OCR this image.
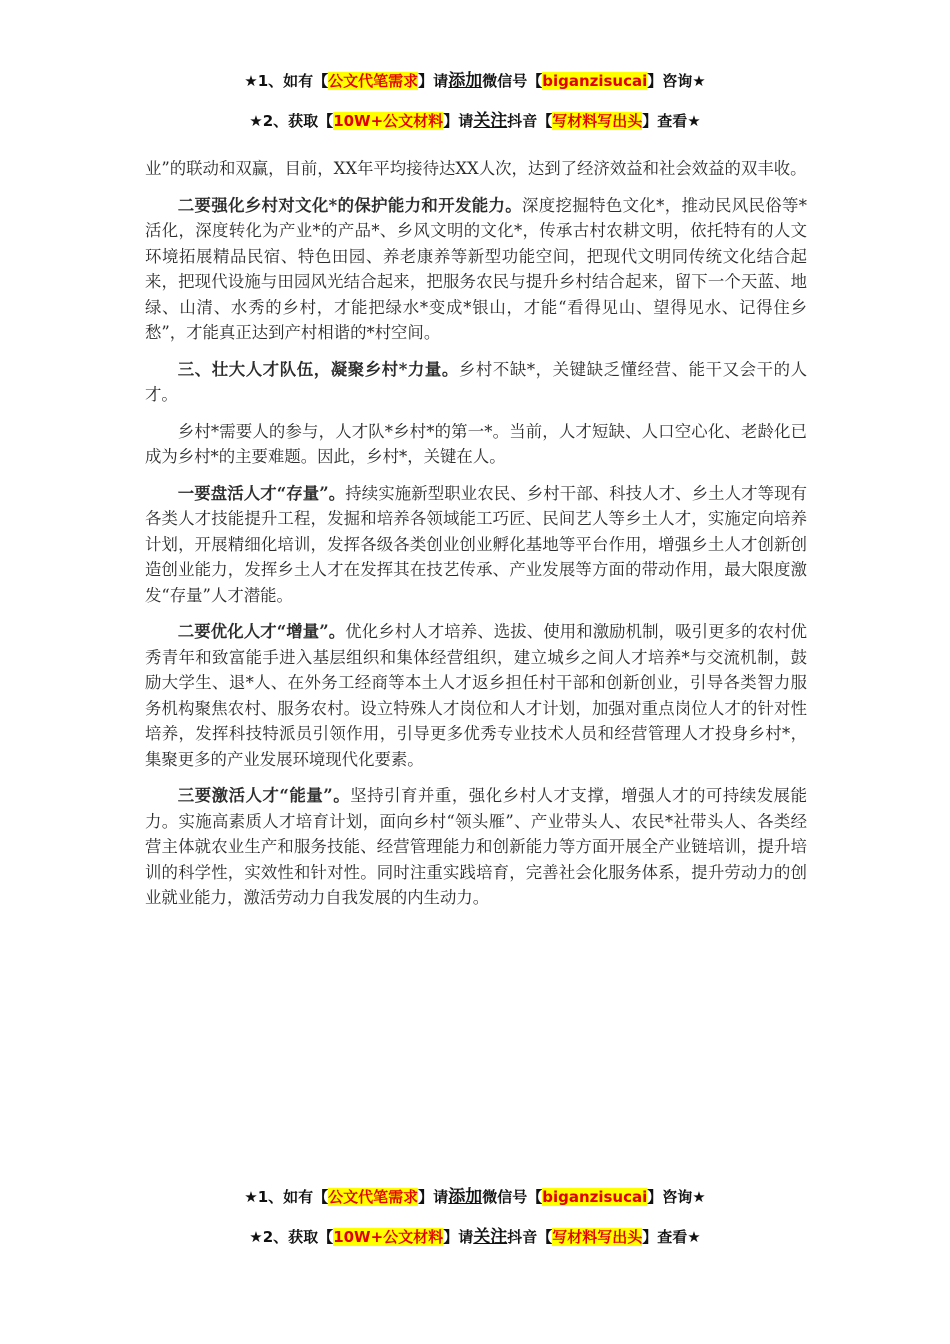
★1、如有【公文代笔需求】请添加微信号【biganzisucai】咨询★
★2、获取【10W+公文材料】请关注抖音【写材料写出头】查看★

业”的联动和双赢，目前，XX年平均接待达XX人次，达到了经济效益和社会效益的双丰收。

二要强化乡村对文化*的保护能力和开发能力。深度挖掘特色文化*，推动民风民俗等*活化，深度转化为产业*的产品*、乡风文明的文化*，传承古村农耕文明，依托特有的人文环境拓展精品民宿、特色田园、养老康养等新型功能空间，把现代文明同传统文化结合起来，把现代设施与田园风光结合起来，把服务农民与提升乡村结合起来，留下一个天蓝、地绿、山清、水秀的乡村，才能把绿水*变成*银山，才能“看得见山、望得见水、记得住乡愁”，才能真正达到产村相谐的*村空间。

三、壮大人才队伍，凝聚乡村*力量。乡村不缺*，关键缺乏懂经营、能干又会干的人才。

乡村*需要人的参与，人才队*乡村*的第一*。当前，人才短缺、人口空心化、老龄化已成为乡村*的主要难题。因此，乡村*，关键在人。

一要盘活人才“存量”。持续实施新型职业农民、乡村干部、科技人才、乡土人才等现有各类人才技能提升工程，发掘和培养各领域能工巧匠、民间艺人等乡土人才，实施定向培养计划，开展精细化培训，发挥各级各类创业创业孵化基地等平台作用，增强乡土人才创新创造创业能力，发挥乡土人才在发挥其在技艺传承、产业发展等方面的带动作用，最大限度激发“存量”人才潜能。

二要优化人才“增量”。优化乡村人才培养、选拔、使用和激励机制，吸引更多的农村优秀青年和致富能手进入基层组织和集体经营组织，建立城乡之间人才培养*与交流机制，鼓励大学生、退*人、在外务工经商等本土人才返乡担任村干部和创新创业，引导各类智力服务机构聚焦农村、服务农村。设立特殊人才岗位和人才计划，加强对重点岗位人才的针对性培养，发挥科技特派员引领作用，引导更多优秀专业技术人员和经营管理人才投身乡村*，集聚更多的产业发展环境现代化要素。

三要激活人才“能量”。坚持引育并重，强化乡村人才支撑，增强人才的可持续发展能力。实施高素质人才培育计划，面向乡村“领头雁”、产业带头人、农民*社带头人、各类经营主体就农业生产和服务技能、经营管理能力和创新能力等方面开展全产业链培训，提升培训的科学性，实效性和针对性。同时注重实践培育，完善社会化服务体系，提升劳动力的创业就业能力，激活劳动力自我发展的内生动力。

★1、如有【公文代笔需求】请添加微信号【biganzisucai】咨询★
★2、获取【10W+公文材料】请关注抖音【写材料写出头】查看★
